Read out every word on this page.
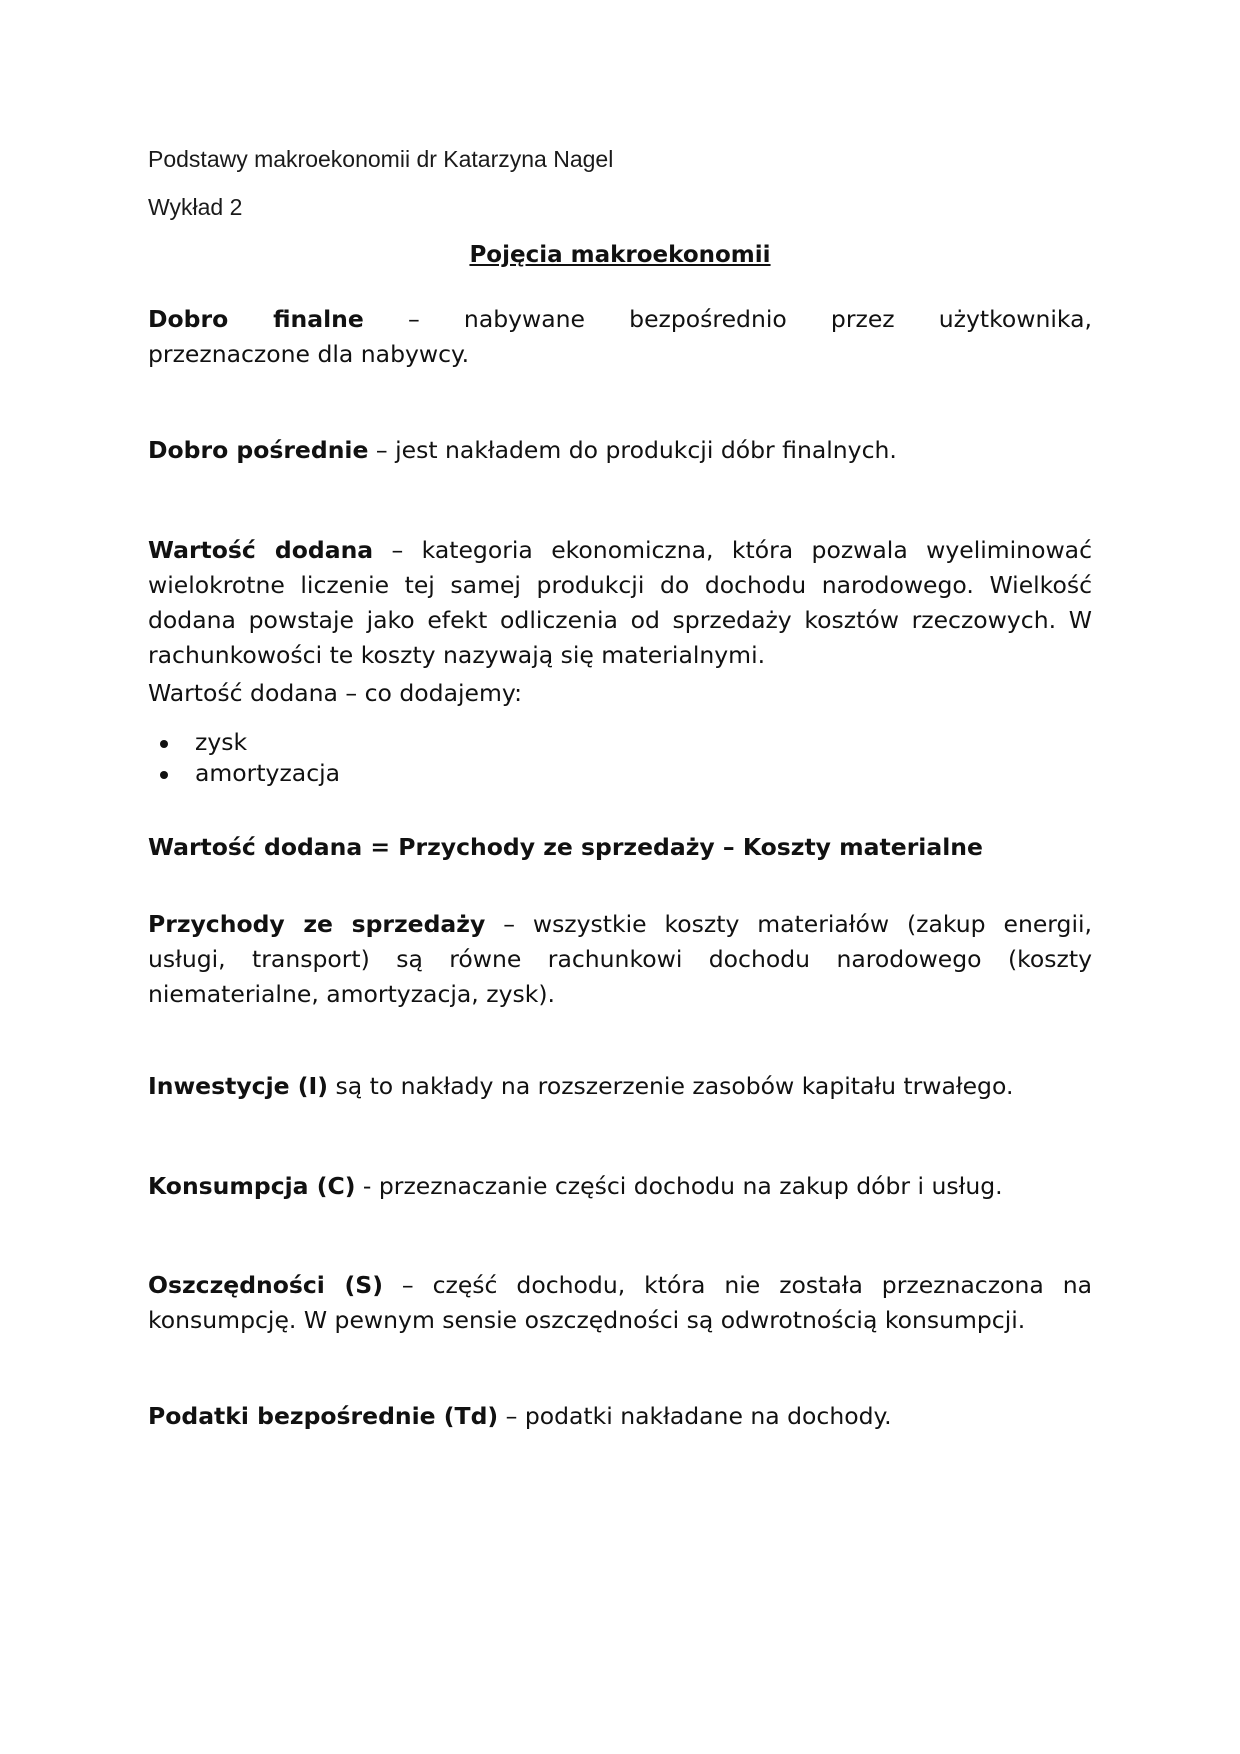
Podstawy makroekonomii dr Katarzyna Nagel
Wykład 2
Pojęcia makroekonomii
Dobro finalne – nabywane bezpośrednio przez użytkownika,
przeznaczone dla nabywcy.
Dobro pośrednie – jest nakładem do produkcji dóbr finalnych.
Wartość dodana – kategoria ekonomiczna, która pozwala wyeliminować wielokrotne liczenie tej samej produkcji do dochodu narodowego. Wielkość dodana powstaje jako efekt odliczenia od sprzedaży kosztów rzeczowych. W rachunkowości te koszty nazywają się materialnymi.
Wartość dodana – co dodajemy:
zysk
amortyzacja
Wartość dodana = Przychody ze sprzedaży – Koszty materialne
Przychody ze sprzedaży – wszystkie koszty materiałów (zakup energii, usługi, transport) są równe rachunkowi dochodu narodowego (koszty niematerialne, amortyzacja, zysk).
Inwestycje (I) są to nakłady na rozszerzenie zasobów kapitału trwałego.
Konsumpcja (C) - przeznaczanie części dochodu na zakup dóbr i usług.
Oszczędności (S) – część dochodu, która nie została przeznaczona na konsumpcję. W pewnym sensie oszczędności są odwrotnością konsumpcji.
Podatki bezpośrednie (Td) – podatki nakładane na dochody.
